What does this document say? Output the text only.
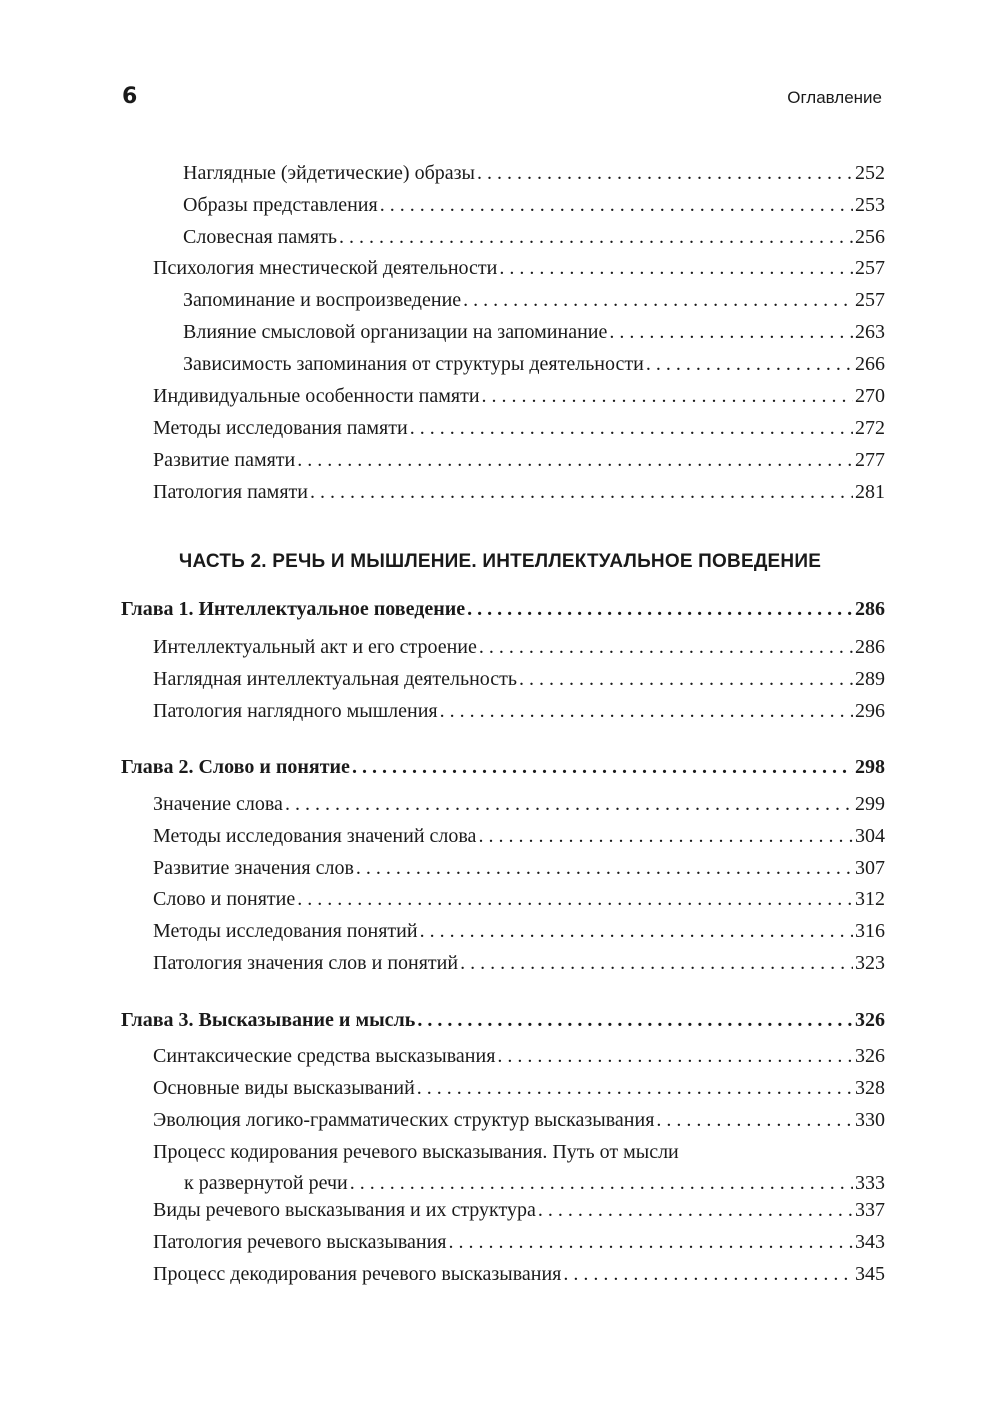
6	Оглавление
Наглядные (эйдетические) образы . . .	252
Образы представления . . .	253
Словесная память . . .	256
Психология мнестической деятельности . . .	257
Запоминание и воспроизведение . . .	257
Влияние смысловой организации на запоминание . . .	263
Зависимость запоминания от структуры деятельности . . .	266
Индивидуальные особенности памяти . . .	270
Методы исследования памяти . . .	272
Развитие памяти . . .	277
Патология памяти . . .	281
ЧАСТЬ 2. РЕЧЬ И МЫШЛЕНИЕ. ИНТЕЛЛЕКТУАЛЬНОЕ ПОВЕДЕНИЕ
Глава 1. Интеллектуальное поведение . . .	286
Интеллектуальный акт и его строение . . .	286
Наглядная интеллектуальная деятельность . . .	289
Патология наглядного мышления . . .	296
Глава 2. Слово и понятие . . .	298
Значение слова . . .	299
Методы исследования значений слова . . .	304
Развитие значения слов . . .	307
Слово и понятие . . .	312
Методы исследования понятий . . .	316
Патология значения слов и понятий . . .	323
Глава 3. Высказывание и мысль . . .	326
Синтаксические средства высказывания . . .	326
Основные виды высказываний . . .	328
Эволюция логико-грамматических структур высказывания . . .	330
Процесс кодирования речевого высказывания. Путь от мысли
к развернутой речи . . .	333
Виды речевого высказывания и их структура . . .	337
Патология речевого высказывания . . .	343
Процесс декодирования речевого высказывания . . .	345
